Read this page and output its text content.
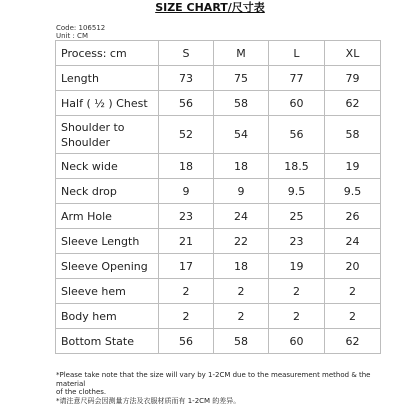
SIZE CHART/尺寸表
Code: 106512
Unit : CM
Process: cm	S	M	L	XL
Length	73	75	77	79
Half ( ½ ) Chest	56	58	60	62
Shoulder to Shoulder	52	54	56	58
Neck wide	18	18	18.5	19
Neck drop	9	9	9.5	9.5
Arm Hole	23	24	25	26
Sleeve Length	21	22	23	24
Sleeve Opening	17	18	19	20
Sleeve hem	2	2	2	2
Body hem	2	2	2	2
Bottom State	56	58	60	62
*Please take note that the size will vary by 1-2CM due to the measurement method & the material
of the clothes.
*请注意尺码会因测量方法及衣服材质而有 1-2CM 的差异。
